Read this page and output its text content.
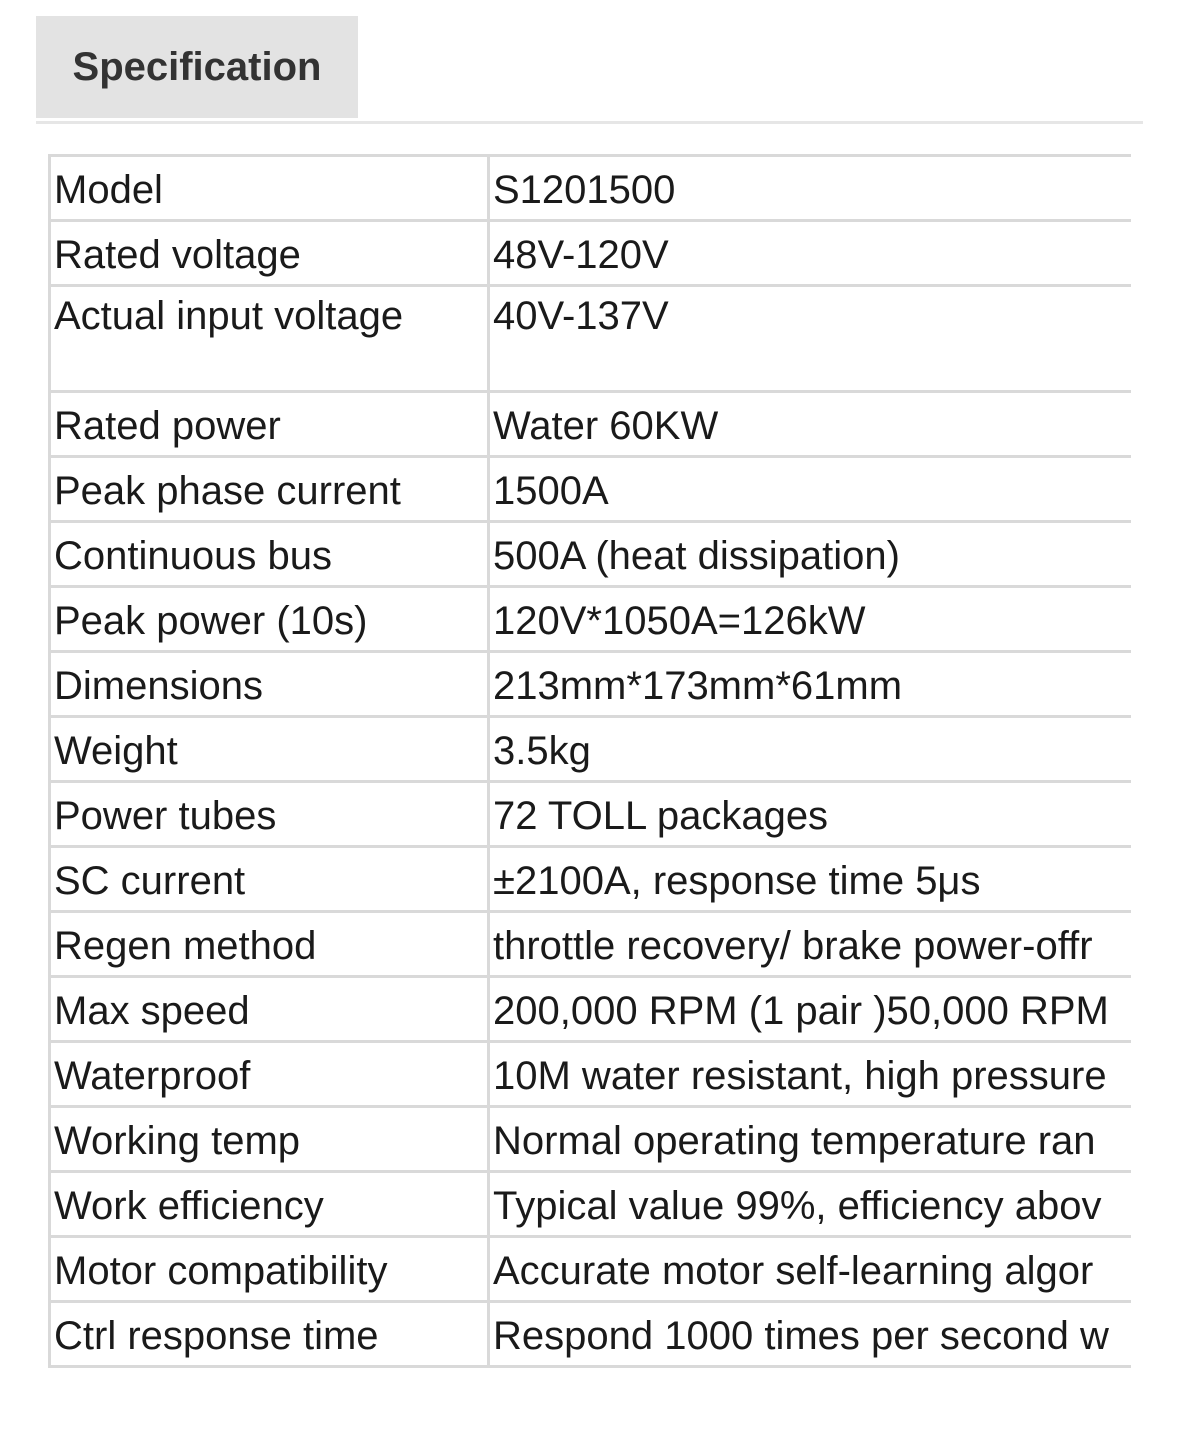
Specification
Model	S1201500

Rated voltage	48V-120V

Actual input voltage	40V-137V

Rated power	Water 60KW

Peak phase current	1500A

Continuous bus	500A (heat dissipation)

Peak power (10s)	120V*1050A=126kW

Dimensions	213mm*173mm*61mm

Weight	3.5kg

Power tubes	72 TOLL packages

SC current	±2100A, response time 5μs

Regen method	throttle recovery/ brake power-offr

Max speed	200,000 RPM (1 pair )50,000 RPM

Waterproof	10M water resistant, high pressure

Working temp	Normal operating temperature ran

Work efficiency	Typical value 99%, efficiency abov

Motor compatibility	Accurate motor self-learning algor

Ctrl response time	Respond 1000 times per second w
